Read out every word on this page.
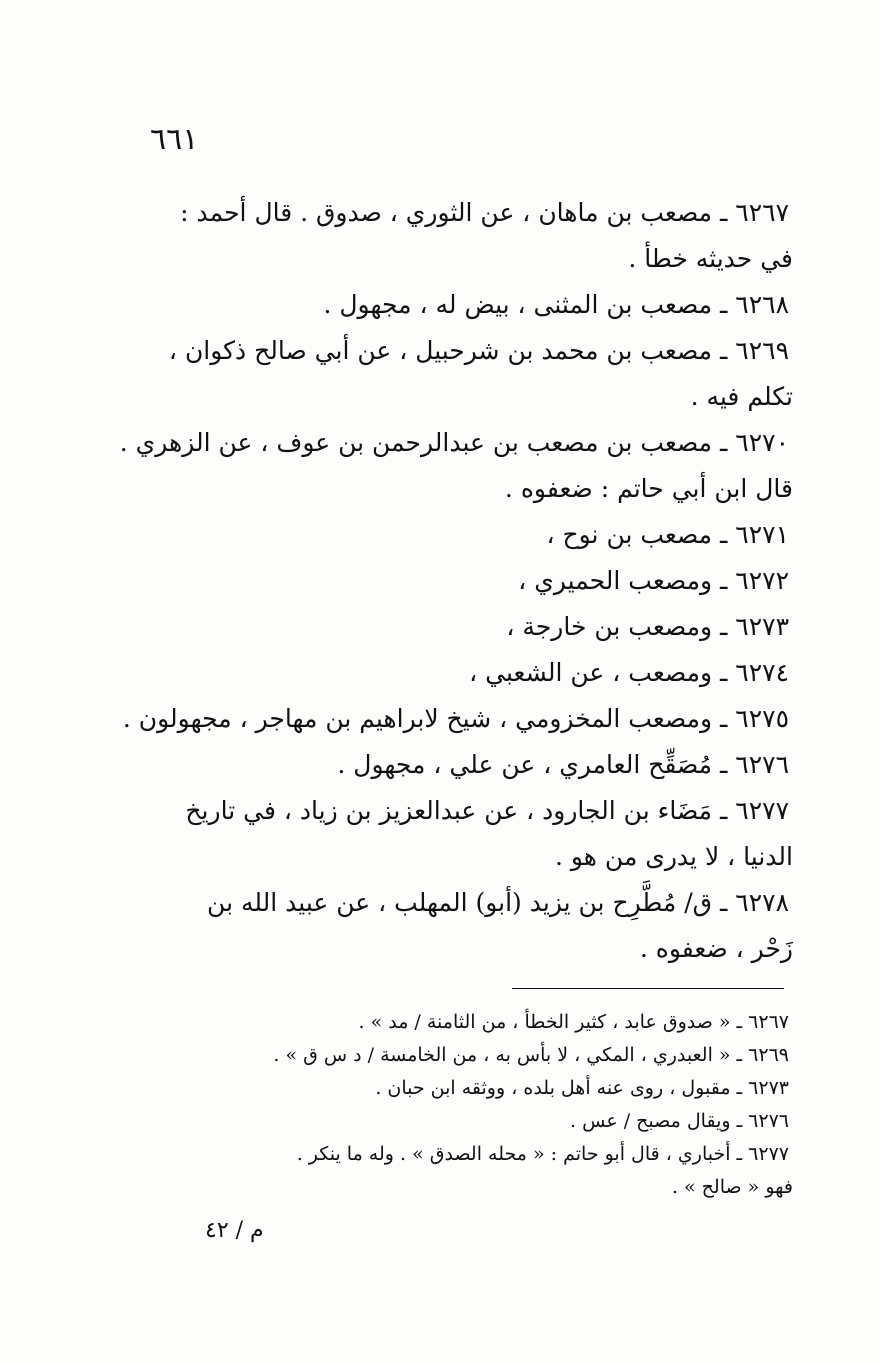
٦٦١

٦٢٦٧ ـ مصعب بن ماهان ، عن الثوري ، صدوق . قال أحمد :
في حديثه خطأ .

٦٢٦٨ ـ مصعب بن المثنى ، بيض له ، مجهول .

٦٢٦٩ ـ مصعب بن محمد بن شرحبيل ، عن أبي صالح ذكوان ،
تكلم فيه .

٦٢٧٠ ـ مصعب بن مصعب بن عبدالرحمن بن عوف ، عن الزهري .
قال ابن أبي حاتم : ضعفوه .

٦٢٧١ ـ مصعب بن نوح ،

٦٢٧٢ ـ ومصعب الحميري ،

٦٢٧٣ ـ ومصعب بن خارجة ،

٦٢٧٤ ـ ومصعب ، عن الشعبي ،

٦٢٧٥ ـ ومصعب المخزومي ، شيخ لابراهيم بن مهاجر ، مجهولون .

٦٢٧٦ ـ مُصَقِّح العامري ، عن علي ، مجهول .

٦٢٧٧ ـ مَضَاء بن الجارود ، عن عبدالعزيز بن زياد ، في تاريخ
الدنيا ، لا يدرى من هو .

٦٢٧٨ ـ ق/ مُطَّرِح بن يزيد (أبو) المهلب ، عن عبيد الله بن
زَحْر ، ضعفوه .

٦٢٦٧ ـ « صدوق عابد ، كثير الخطأ ، من الثامنة / مد » .
٦٢٦٩ ـ « العبدري ، المكي ، لا بأس به ، من الخامسة / د س ق » .
٦٢٧٣ ـ مقبول ، روى عنه أهل بلده ، ووثقه ابن حبان .
٦٢٧٦ ـ ويقال مصبح / عس .
٦٢٧٧ ـ أخباري ، قال أبو حاتم : « محله الصدق » . وله ما ينكر .
فهو « صالح » .
م / ٤٢
